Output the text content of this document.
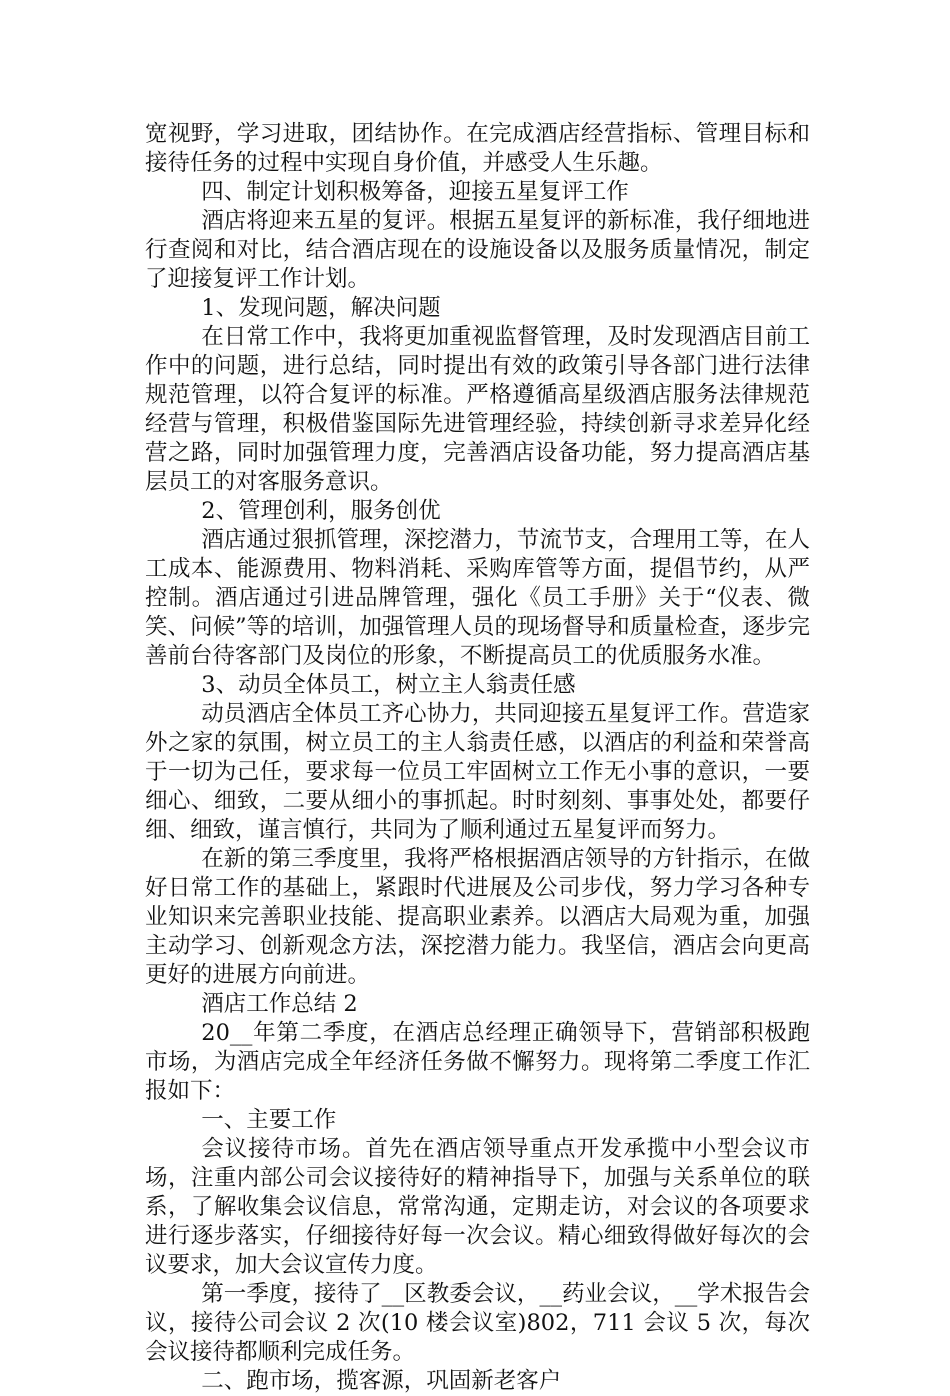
宽视野，学习进取，团结协作。在完成酒店经营指标、管理目标和接待任务的过程中实现自身价值，并感受人生乐趣。

四、制定计划积极筹备，迎接五星复评工作

酒店将迎来五星的复评。根据五星复评的新标准，我仔细地进行查阅和对比，结合酒店现在的设施设备以及服务质量情况，制定了迎接复评工作计划。

1、发现问题，解决问题

在日常工作中，我将更加重视监督管理，及时发现酒店目前工作中的问题，进行总结，同时提出有效的政策引导各部门进行法律规范管理，以符合复评的标准。严格遵循高星级酒店服务法律规范经营与管理，积极借鉴国际先进管理经验，持续创新寻求差异化经营之路，同时加强管理力度，完善酒店设备功能，努力提高酒店基层员工的对客服务意识。

2、管理创利，服务创优

酒店通过狠抓管理，深挖潜力，节流节支，合理用工等，在人工成本、能源费用、物料消耗、采购库管等方面，提倡节约，从严控制。酒店通过引进品牌管理，强化《员工手册》关于“仪表、微笑、问候”等的培训，加强管理人员的现场督导和质量检查，逐步完善前台待客部门及岗位的形象，不断提高员工的优质服务水准。

3、动员全体员工，树立主人翁责任感

动员酒店全体员工齐心协力，共同迎接五星复评工作。营造家外之家的氛围，树立员工的主人翁责任感，以酒店的利益和荣誉高于一切为己任，要求每一位员工牢固树立工作无小事的意识，一要细心、细致，二要从细小的事抓起。时时刻刻、事事处处，都要仔细、细致，谨言慎行，共同为了顺利通过五星复评而努力。

在新的第三季度里，我将严格根据酒店领导的方针指示，在做好日常工作的基础上，紧跟时代进展及公司步伐，努力学习各种专业知识来完善职业技能、提高职业素养。以酒店大局观为重，加强主动学习、创新观念方法，深挖潜力能力。我坚信，酒店会向更高更好的进展方向前进。

酒店工作总结 2

20__年第二季度，在酒店总经理正确领导下，营销部积极跑市场，为酒店完成全年经济任务做不懈努力。现将第二季度工作汇报如下：

一、主要工作

会议接待市场。首先在酒店领导重点开发承揽中小型会议市场，注重内部公司会议接待好的精神指导下，加强与关系单位的联系，了解收集会议信息，常常沟通，定期走访，对会议的各项要求进行逐步落实，仔细接待好每一次会议。精心细致得做好每次的会议要求，加大会议宣传力度。

第一季度，接待了__区教委会议，__药业会议，__学术报告会议，接待公司会议 2 次(10 楼会议室)802，711 会议 5 次，每次会议接待都顺利完成任务。

二、跑市场，揽客源，巩固新老客户
